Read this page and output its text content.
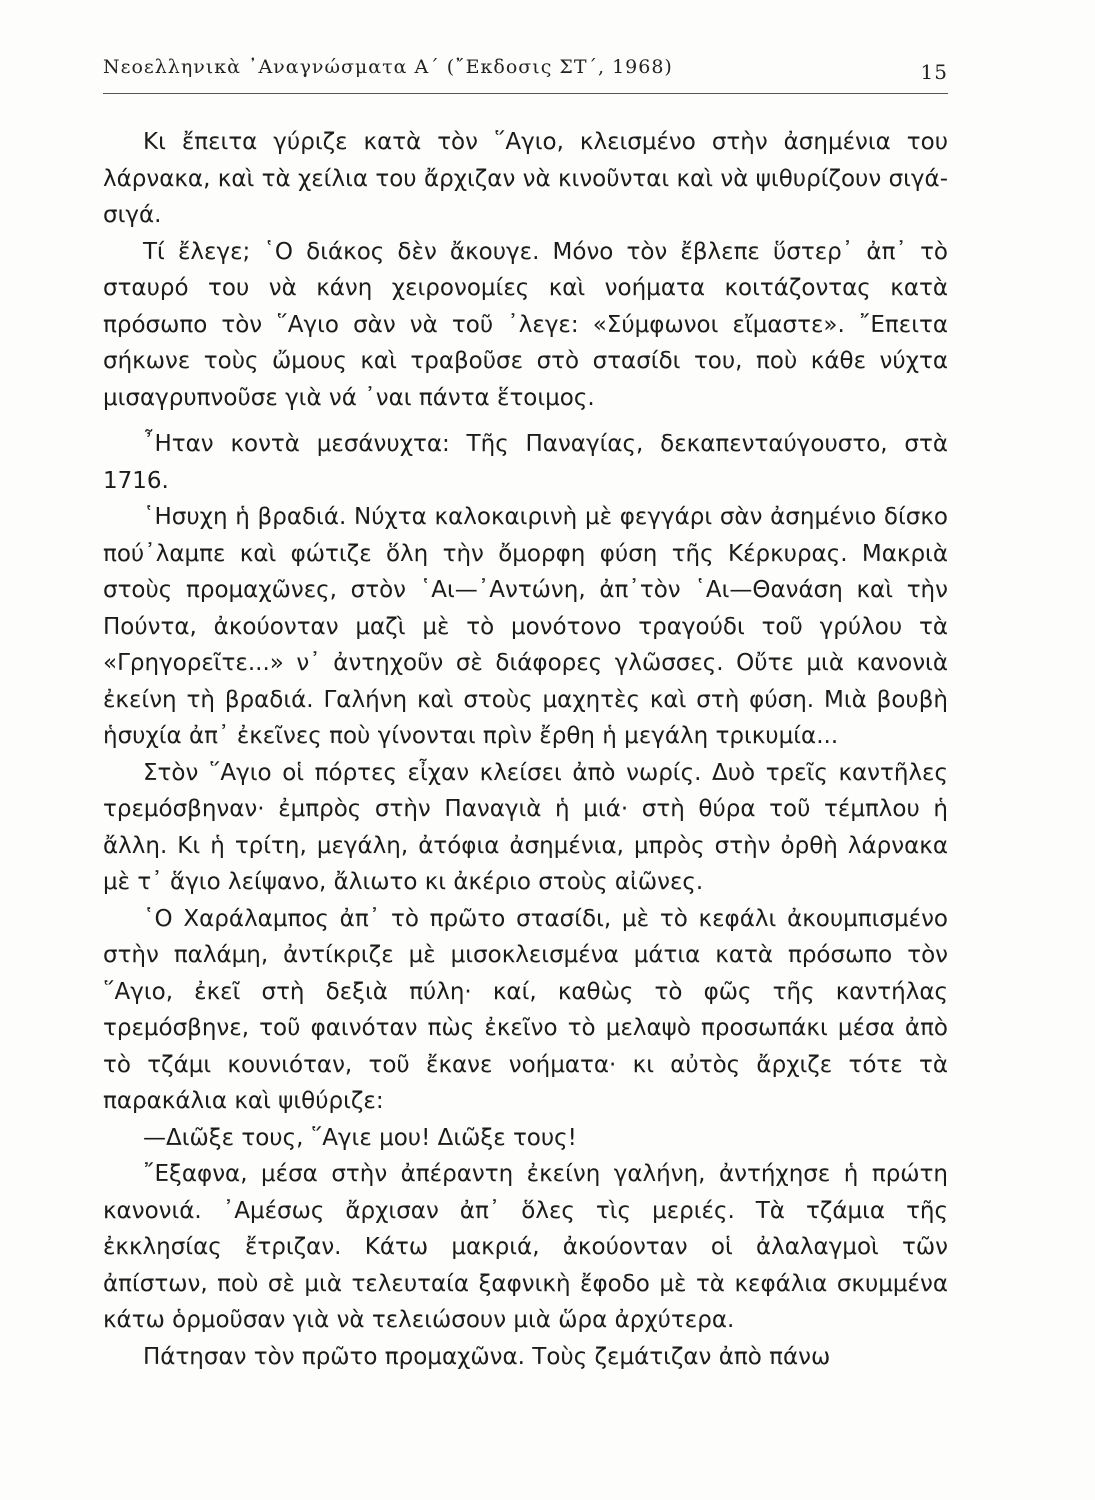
Νεοελληνικὰ ᾿Αναγνώσματα Α΄ (῎Εκδοσις ΣΤ΄, 1968)	15

Κι ἔπειτα γύριζε κατὰ τὸν ῞Αγιο, κλεισμένο στὴν ἀσημένια του λάρνακα, καὶ τὰ χείλια του ἄρχιζαν νὰ κινοῦνται καὶ νὰ ψιθυρίζουν σιγά-σιγά.

Τί ἔλεγε; ῾Ο διάκος δὲν ἄκουγε. Μόνο τὸν ἔβλεπε ὕστερ᾿ ἀπ᾿ τὸ σταυρό του νὰ κάνη χειρονομίες καὶ νοήματα κοιτάζοντας κατὰ πρόσωπο τὸν ῞Αγιο σὰν νὰ τοῦ ᾿λεγε: «Σύμφωνοι εἴμαστε». ῎Επειτα σήκωνε τοὺς ὤμους καὶ τραβοῦσε στὸ στασίδι του, ποὺ κάθε νύχτα μισαγρυπνοῦσε γιὰ νά ᾿ναι πάντα ἕτοιμος.

῏Ηταν κοντὰ μεσάνυχτα: Τῆς Παναγίας, δεκαπενταύγουστο, στὰ 1716.

῾Ησυχη ἡ βραδιά. Νύχτα καλοκαιρινὴ μὲ φεγγάρι σὰν ἀσημένιο δίσκο πού᾿λαμπε καὶ φώτιζε ὅλη τὴν ὄμορφη φύση τῆς Κέρκυρας. Μακριὰ στοὺς προμαχῶνες, στὸν ῾Αι—᾿Αντώνη, ἀπ᾿τὸν ῾Αι—Θανάση καὶ τὴν Πούντα, ἀκούονταν μαζὶ μὲ τὸ μονότονο τραγούδι τοῦ γρύλου τὰ «Γρηγορεῖτε...» ν᾿ ἀντηχοῦν σὲ διάφορες γλῶσσες. Οὔτε μιὰ κανονιὰ ἐκείνη τὴ βραδιά. Γαλήνη καὶ στοὺς μαχητὲς καὶ στὴ φύση. Μιὰ βουβὴ ἡσυχία ἀπ᾿ ἐκεῖνες ποὺ γίνονται πρὶν ἔρθη ἡ μεγάλη τρικυμία...

Στὸν ῞Αγιο οἱ πόρτες εἶχαν κλείσει ἀπὸ νωρίς. Δυὸ τρεῖς καντῆλες τρεμόσβηναν· ἐμπρὸς στὴν Παναγιὰ ἡ μιά· στὴ θύρα τοῦ τέμπλου ἡ ἄλλη. Κι ἡ τρίτη, μεγάλη, ἀτόφια ἀσημένια, μπρὸς στὴν ὀρθὴ λάρνακα μὲ τ᾿ ἅγιο λείψανο, ἄλιωτο κι ἀκέριο στοὺς αἰῶνες.

῾Ο Χαράλαμπος ἀπ᾿ τὸ πρῶτο στασίδι, μὲ τὸ κεφάλι ἀκουμπισμένο στὴν παλάμη, ἀντίκριζε μὲ μισοκλεισμένα μάτια κατὰ πρόσωπο τὸν ῞Αγιο, ἐκεῖ στὴ δεξιὰ πύλη· καί, καθὼς τὸ φῶς τῆς καντήλας τρεμόσβηνε, τοῦ φαινόταν πὼς ἐκεῖνο τὸ μελαψὸ προσωπάκι μέσα ἀπὸ τὸ τζάμι κουνιόταν, τοῦ ἔκανε νοήματα· κι αὐτὸς ἄρχιζε τότε τὰ παρακάλια καὶ ψιθύριζε:

—Διῶξε τους, ῞Αγιε μου! Διῶξε τους!

῎Εξαφνα, μέσα στὴν ἀπέραντη ἐκείνη γαλήνη, ἀντήχησε ἡ πρώτη κανονιά. ᾿Αμέσως ἄρχισαν ἀπ᾿ ὅλες τὶς μεριές. Τὰ τζάμια τῆς ἐκκλησίας ἔτριζαν. Κάτω μακριά, ἀκούονταν οἱ ἀλαλαγμοὶ τῶν ἀπίστων, ποὺ σὲ μιὰ τελευταία ξαφνικὴ ἔφοδο μὲ τὰ κεφάλια σκυμμένα κάτω ὁρμοῦσαν γιὰ νὰ τελειώσουν μιὰ ὥρα ἀρχύτερα.

Πάτησαν τὸν πρῶτο προμαχῶνα. Τοὺς ζεμάτιζαν ἀπὸ πάνω
